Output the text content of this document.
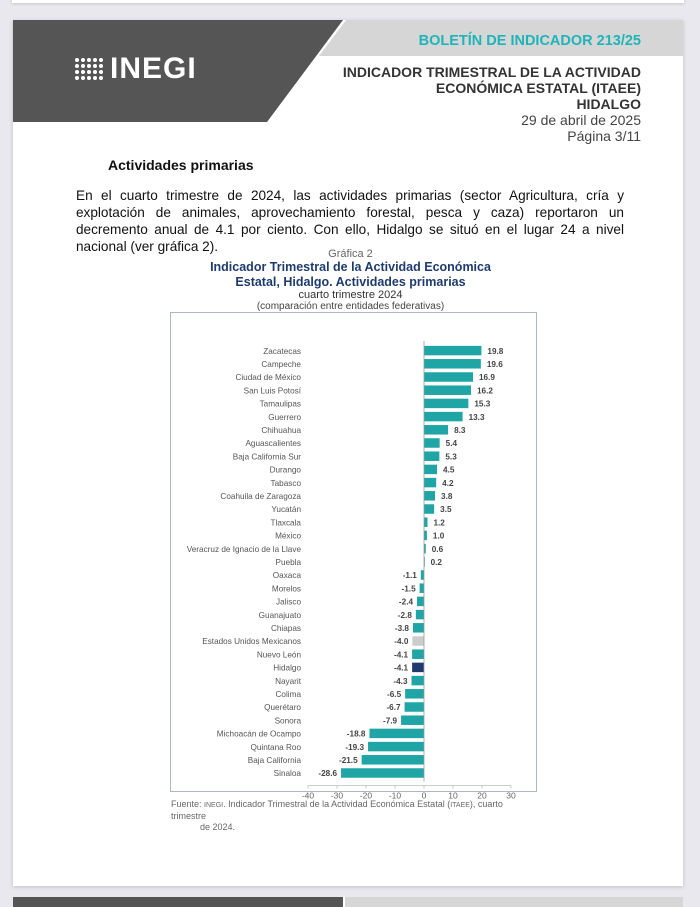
INEGI
BOLETÍN DE INDICADOR 213/25
INDICADOR TRIMESTRAL DE LA ACTIVIDAD
ECONÓMICA ESTATAL (ITAEE)
HIDALGO
29 de abril de 2025
Página 3/11
Actividades primarias
En el cuarto trimestre de 2024, las actividades primarias (sector Agricultura, cría y explotación de animales, aprovechamiento forestal, pesca y caza) reportaron un decremento anual de 4.1 por ciento. Con ello, Hidalgo se situó en el lugar 24 a nivel nacional (ver gráfica 2).	Gráfica 2
Indicador Trimestral de la Actividad Económica
Estatal, Hidalgo. Actividades primarias
cuarto trimestre 2024
(comparación entre entidades federativas)
Zacatecas	19.8
Campeche	19.6
Ciudad de México	16.9
San Luis Potosí	16.2
Tamaulipas	15.3
Guerrero	13.3
Chihuahua	8.3
Aguascalientes	5.4
Baja California Sur	5.3
Durango	4.5
Tabasco	4.2
Coahuila de Zaragoza	3.8
Yucatán	3.5
Tlaxcala	1.2
México	1.0
Veracruz de Ignacio de la Llave	0.6
Puebla	0.2
Oaxaca	-1.1
Morelos	-1.5
Jalisco	-2.4
Guanajuato	-2.8
Chiapas	-3.8
Estados Unidos Mexicanos	-4.0
Nuevo León	-4.1
Hidalgo	-4.1
Nayarit	-4.3
Colima	-6.5
Querétaro	-6.7
Sonora	-7.9
Michoacán de Ocampo	-18.8
Quintana Roo	-19.3
Baja California	-21.5
Sinaloa -28.6
-40 -30 -20 -10 0	10 20 30
Fuente: INEGI. Indicador Trimestral de la Actividad Económica Estatal (ITAEE), cuarto trimestre
de 2024.
